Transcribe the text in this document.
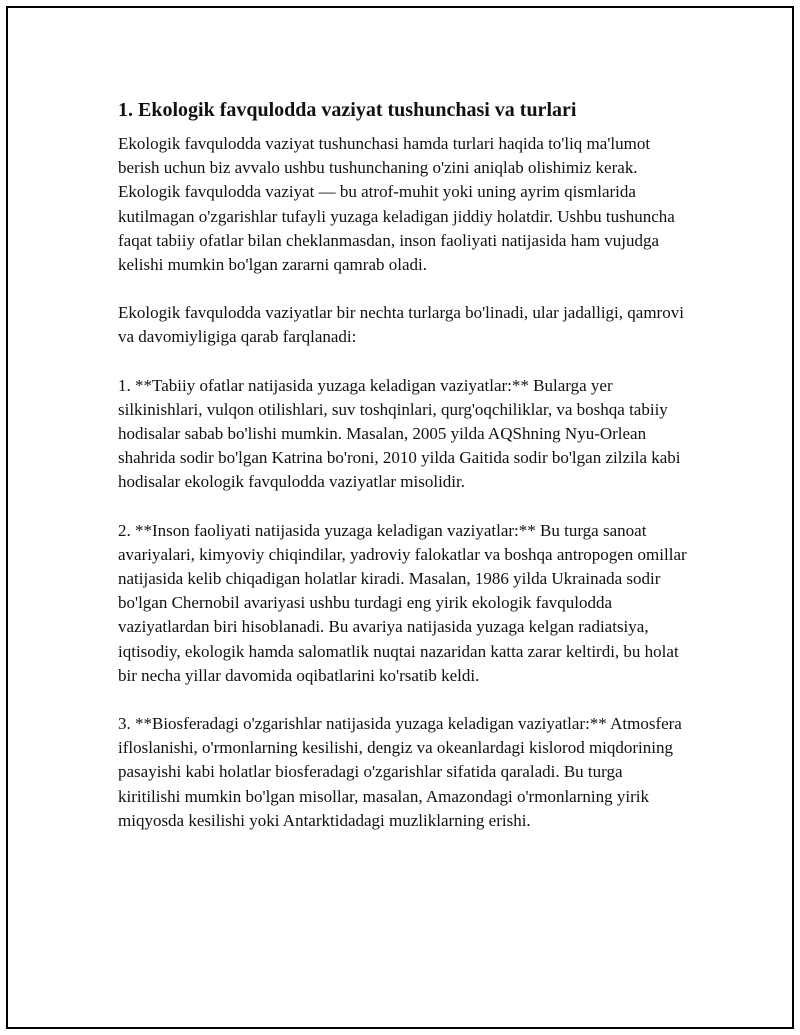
1. Ekologik favqulodda vaziyat tushunchasi va turlari

Ekologik favqulodda vaziyat tushunchasi hamda turlari haqida to'liq ma'lumot berish uchun biz avvalo ushbu tushunchaning o'zini aniqlab olishimiz kerak. Ekologik favqulodda vaziyat — bu atrof-muhit yoki uning ayrim qismlarida kutilmagan o'zgarishlar tufayli yuzaga keladigan jiddiy holatdir. Ushbu tushuncha faqat tabiiy ofatlar bilan cheklanmasdan, inson faoliyati natijasida ham vujudga kelishi mumkin bo'lgan zararni qamrab oladi.

Ekologik favqulodda vaziyatlar bir nechta turlarga bo'linadi, ular jadalligi, qamrovi va davomiyligiga qarab farqlanadi:

1. **Tabiiy ofatlar natijasida yuzaga keladigan vaziyatlar:** Bularga yer silkinishlari, vulqon otilishlari, suv toshqinlari, qurg'oqchiliklar, va boshqa tabiiy hodisalar sabab bo'lishi mumkin. Masalan, 2005 yilda AQShning Nyu-Orlean shahrida sodir bo'lgan Katrina bo'roni, 2010 yilda Gaitida sodir bo'lgan zilzila kabi hodisalar ekologik favqulodda vaziyatlar misolidir.

2. **Inson faoliyati natijasida yuzaga keladigan vaziyatlar:** Bu turga sanoat avariyalari, kimyoviy chiqindilar, yadroviy falokatlar va boshqa antropogen omillar natijasida kelib chiqadigan holatlar kiradi. Masalan, 1986 yilda Ukrainada sodir bo'lgan Chernobil avariyasi ushbu turdagi eng yirik ekologik favqulodda vaziyatlardan biri hisoblanadi. Bu avariya natijasida yuzaga kelgan radiatsiya, iqtisodiy, ekologik hamda salomatlik nuqtai nazaridan katta zarar keltirdi, bu holat bir necha yillar davomida oqibatlarini ko'rsatib keldi.

3. **Biosferadagi o'zgarishlar natijasida yuzaga keladigan vaziyatlar:** Atmosfera ifloslanishi, o'rmonlarning kesilishi, dengiz va okeanlardagi kislorod miqdorining pasayishi kabi holatlar biosferadagi o'zgarishlar sifatida qaraladi. Bu turga kiritilishi mumkin bo'lgan misollar, masalan, Amazondagi o'rmonlarning yirik miqyosda kesilishi yoki Antarktidadagi muzliklarning erishi.
